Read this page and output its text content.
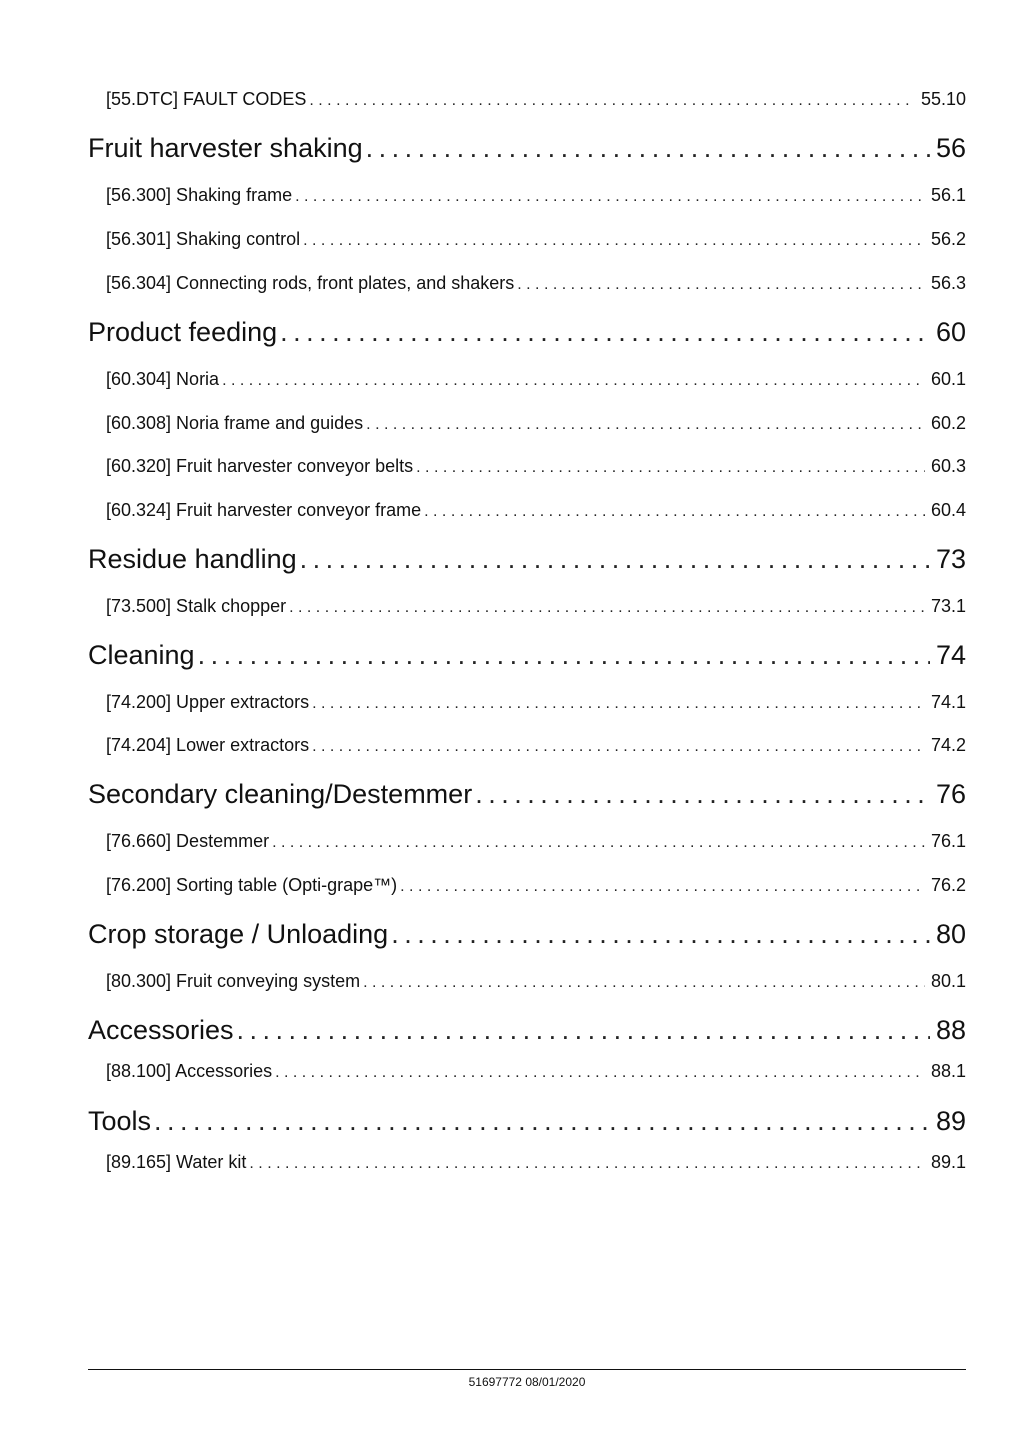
[55.DTC] FAULT CODES . . .	55.10
Fruit harvester shaking . . .	56
[56.300] Shaking frame . . .	56.1
[56.301] Shaking control . . .	56.2
[56.304] Connecting rods, front plates, and shakers . . .	56.3
Product feeding . . .	60
[60.304] Noria . . .	60.1
[60.308] Noria frame and guides . . .	60.2
[60.320] Fruit harvester conveyor belts . . .	60.3
[60.324] Fruit harvester conveyor frame . . .	60.4
Residue handling . . .	73
[73.500] Stalk chopper . . .	73.1
Cleaning . . .	74
[74.200] Upper extractors . . .	74.1
[74.204] Lower extractors . . .	74.2
Secondary cleaning/Destemmer . . .	76
[76.660] Destemmer . . .	76.1
[76.200] Sorting table (Opti-grape™) . . .	76.2
Crop storage / Unloading . . .	80
[80.300] Fruit conveying system . . .	80.1
Accessories . . .	88
[88.100] Accessories . . .	88.1
Tools . . .	89
[89.165] Water kit . . .	89.1
51697772 08/01/2020
